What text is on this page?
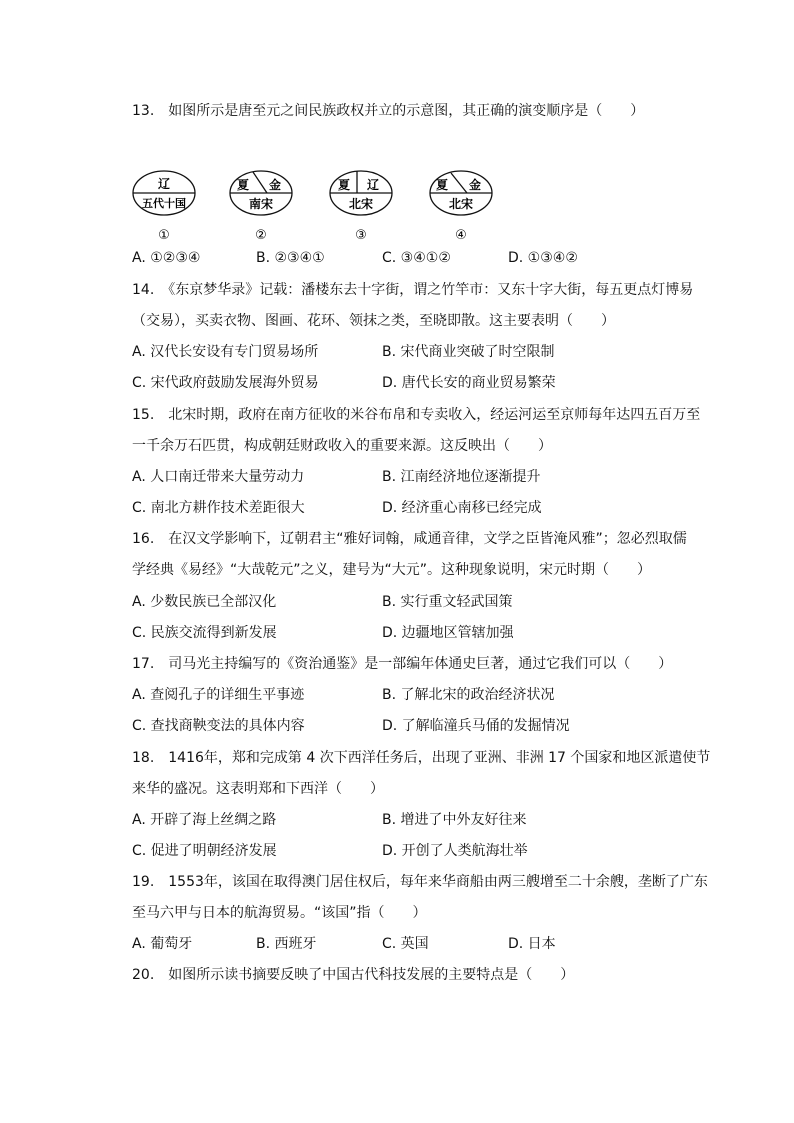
13.　如图所示是唐至元之间民族政权并立的示意图，其正确的演变顺序是（　　）
辽
五代十国
①
夏 金
南宋
②
夏 辽
北宋
③
夏 金
北宋
④
A. ①②③④	B. ②③④①	C. ③④①②	D. ①③④②
14.　《东京梦华录》记载：潘楼东去十字街，谓之竹竿市：又东十字大街，每五更点灯博易
（交易），买卖衣物、图画、花环、领抹之类，至晓即散。这主要表明（　　）
A. 汉代长安设有专门贸易场所	B. 宋代商业突破了时空限制
C. 宋代政府鼓励发展海外贸易	D. 唐代长安的商业贸易繁荣
15.　北宋时期，政府在南方征收的米谷布帛和专卖收入，经运河运至京师每年达四五百万至
一千余万石匹贯，构成朝廷财政收入的重要来源。这反映出（　　）
A. 人口南迁带来大量劳动力	B. 江南经济地位逐渐提升
C. 南北方耕作技术差距很大	D. 经济重心南移已经完成
16.　在汉文学影响下，辽朝君主“雅好词翰，咸通音律，文学之臣皆淹风雅”；忽必烈取儒
学经典《易经》“大哉乾元”之义，建号为“大元”。这种现象说明，宋元时期（　　）
A. 少数民族已全部汉化	B. 实行重文轻武国策
C. 民族交流得到新发展	D. 边疆地区管辖加强
17.　司马光主持编写的《资治通鉴》是一部编年体通史巨著，通过它我们可以（　　）
A. 查阅孔子的详细生平事迹	B. 了解北宋的政治经济状况
C. 查找商鞅变法的具体内容	D. 了解临潼兵马俑的发掘情况
18.　1416年，郑和完成第 4 次下西洋任务后，出现了亚洲、非洲 17 个国家和地区派遣使节
来华的盛况。这表明郑和下西洋（　　）
A. 开辟了海上丝绸之路	B. 增进了中外友好往来
C. 促进了明朝经济发展	D. 开创了人类航海壮举
19.　1553年，该国在取得澳门居住权后，每年来华商船由两三艘增至二十余艘，垄断了广东
至马六甲与日本的航海贸易。“该国”指（　　）
A. 葡萄牙	B. 西班牙	C. 英国	D. 日本
20.　如图所示读书摘要反映了中国古代科技发展的主要特点是（　　）
